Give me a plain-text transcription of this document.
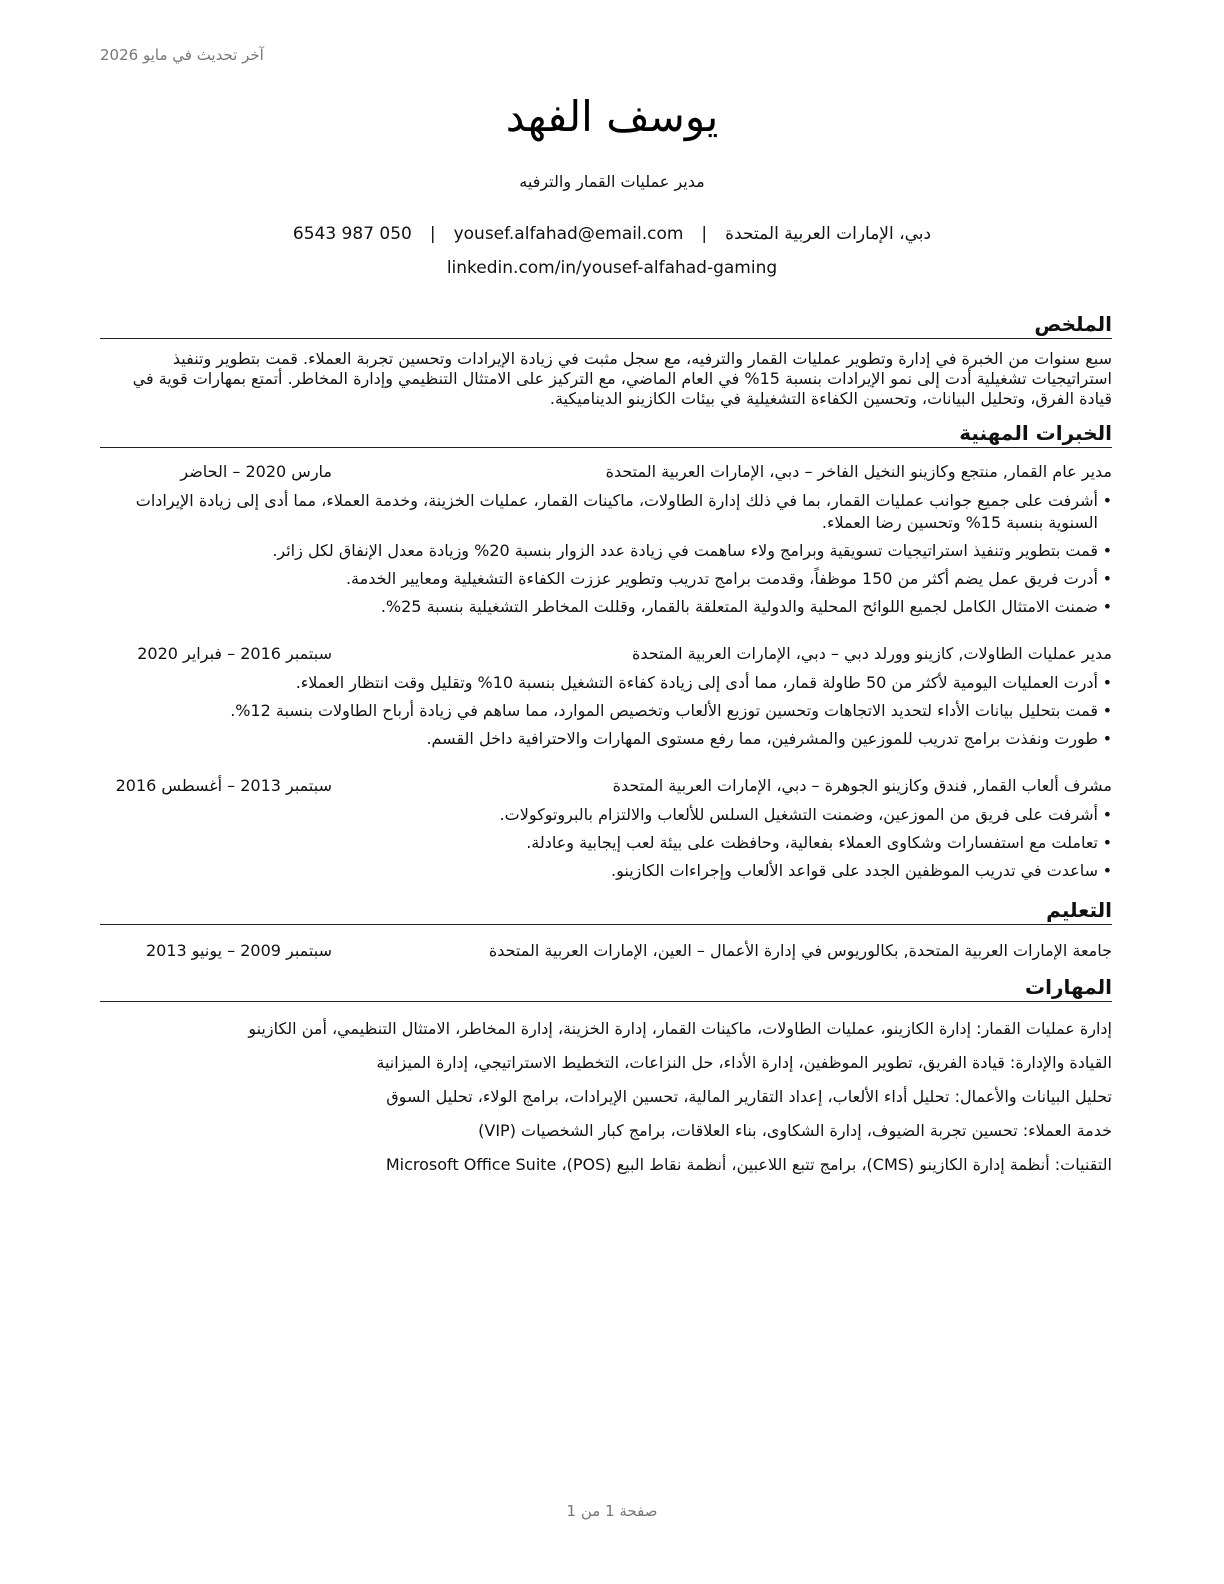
آخر تحديث في مايو 2026
يوسف الفهد
مدير عمليات القمار والترفيه
دبي، الإمارات العربية المتحدة|yousef.alfahad@email.com|6543 987 050
linkedin.com/in/yousef-alfahad-gaming
الملخص

سبع سنوات من الخبرة في إدارة وتطوير عمليات القمار والترفيه، مع سجل مثبت في زيادة الإيرادات وتحسين تجربة العملاء. قمت بتطوير وتنفيذ استراتيجيات تشغيلية أدت إلى نمو الإيرادات بنسبة 15% في العام الماضي، مع التركيز على الامتثال التنظيمي وإدارة المخاطر. أتمتع بمهارات قوية في قيادة الفرق، وتحليل البيانات، وتحسين الكفاءة التشغيلية في بيئات الكازينو الديناميكية.

الخبرات المهنية
مدير عام القمار, منتجع وكازينو النخيل الفاخر – دبي، الإمارات العربية المتحدة
مارس 2020 – الحاضر
•
أشرفت على جميع جوانب عمليات القمار، بما في ذلك إدارة الطاولات، ماكينات القمار، عمليات الخزينة، وخدمة العملاء، مما أدى إلى زيادة الإيرادات السنوية بنسبة 15% وتحسين رضا العملاء.
•
قمت بتطوير وتنفيذ استراتيجيات تسويقية وبرامج ولاء ساهمت في زيادة عدد الزوار بنسبة 20% وزيادة معدل الإنفاق لكل زائر.
•
أدرت فريق عمل يضم أكثر من 150 موظفاً، وقدمت برامج تدريب وتطوير عززت الكفاءة التشغيلية ومعايير الخدمة.
•
ضمنت الامتثال الكامل لجميع اللوائح المحلية والدولية المتعلقة بالقمار، وقللت المخاطر التشغيلية بنسبة 25%.
مدير عمليات الطاولات, كازينو وورلد دبي – دبي، الإمارات العربية المتحدة
سبتمبر 2016 – فبراير 2020
•
أدرت العمليات اليومية لأكثر من 50 طاولة قمار، مما أدى إلى زيادة كفاءة التشغيل بنسبة 10% وتقليل وقت انتظار العملاء.
•
قمت بتحليل بيانات الأداء لتحديد الاتجاهات وتحسين توزيع الألعاب وتخصيص الموارد، مما ساهم في زيادة أرباح الطاولات بنسبة 12%.
•
طورت ونفذت برامج تدريب للموزعين والمشرفين، مما رفع مستوى المهارات والاحترافية داخل القسم.
مشرف ألعاب القمار, فندق وكازينو الجوهرة – دبي، الإمارات العربية المتحدة
سبتمبر 2013 – أغسطس 2016
•
أشرفت على فريق من الموزعين، وضمنت التشغيل السلس للألعاب والالتزام بالبروتوكولات.
•
تعاملت مع استفسارات وشكاوى العملاء بفعالية، وحافظت على بيئة لعب إيجابية وعادلة.
•
ساعدت في تدريب الموظفين الجدد على قواعد الألعاب وإجراءات الكازينو.
التعليم
جامعة الإمارات العربية المتحدة, بكالوريوس في إدارة الأعمال – العين، الإمارات العربية المتحدة
سبتمبر 2009 – يونيو 2013
المهارات
إدارة عمليات القمار: إدارة الكازينو، عمليات الطاولات، ماكينات القمار، إدارة الخزينة، إدارة المخاطر، الامتثال التنظيمي، أمن الكازينو
القيادة والإدارة: قيادة الفريق، تطوير الموظفين، إدارة الأداء، حل النزاعات، التخطيط الاستراتيجي، إدارة الميزانية
تحليل البيانات والأعمال: تحليل أداء الألعاب، إعداد التقارير المالية، تحسين الإيرادات، برامج الولاء، تحليل السوق
خدمة العملاء: تحسين تجربة الضيوف، إدارة الشكاوى، بناء العلاقات، برامج كبار الشخصيات (VIP)
التقنيات: أنظمة إدارة الكازينو (CMS)، برامج تتبع اللاعبين، أنظمة نقاط البيع (POS)، Microsoft Office Suite
صفحة 1 من 1
